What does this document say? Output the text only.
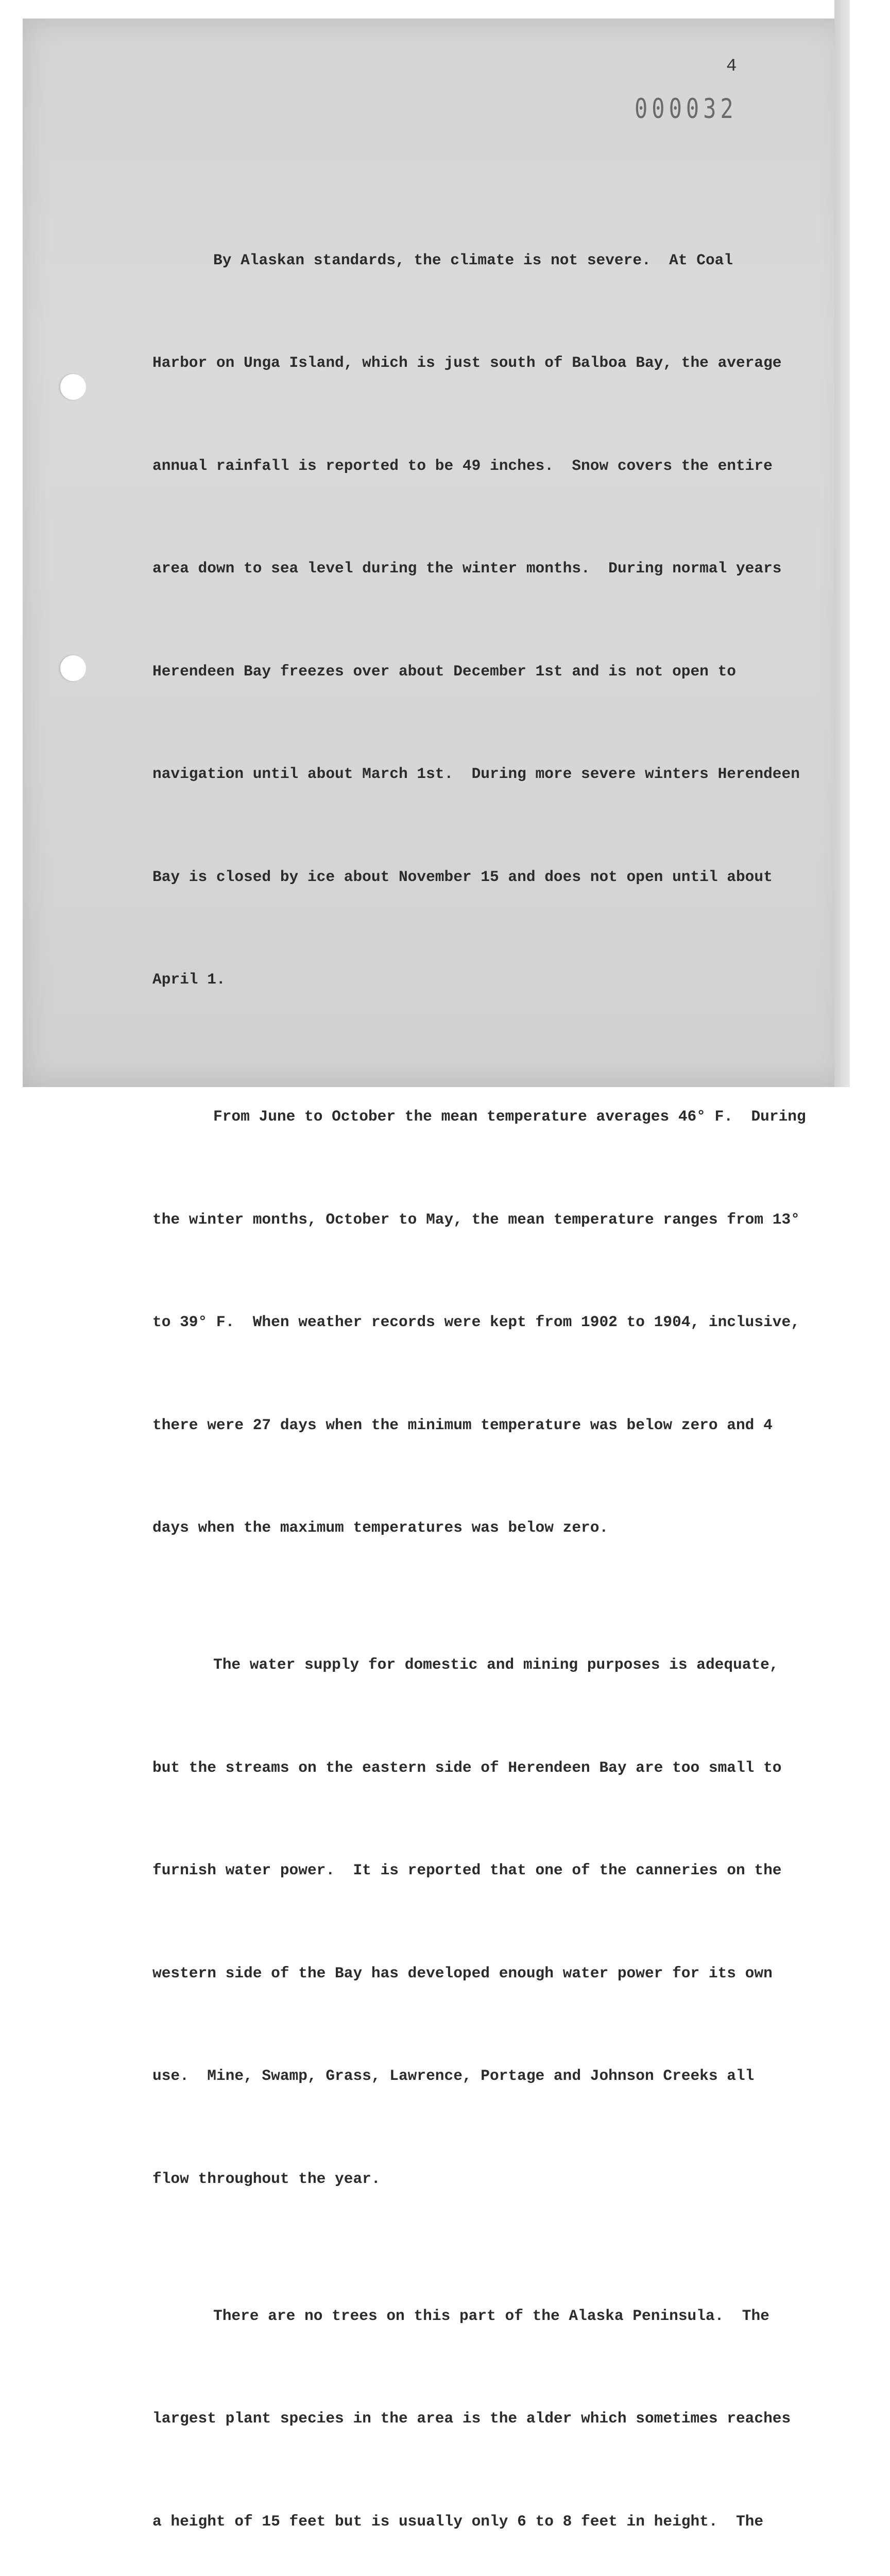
4
000032

By Alaskan standards, the climate is not severe.  At Coal

Harbor on Unga Island, which is just south of Balboa Bay, the average

annual rainfall is reported to be 49 inches.  Snow covers the entire

area down to sea level during the winter months.  During normal years

Herendeen Bay freezes over about December 1st and is not open to

navigation until about March 1st.  During more severe winters Herendeen

Bay is closed by ice about November 15 and does not open until about

April 1.

From June to October the mean temperature averages 46° F.  During

the winter months, October to May, the mean temperature ranges from 13°

to 39° F.  When weather records were kept from 1902 to 1904, inclusive,

there were 27 days when the minimum temperature was below zero and 4

days when the maximum temperatures was below zero.

The water supply for domestic and mining purposes is adequate,

but the streams on the eastern side of Herendeen Bay are too small to

furnish water power.  It is reported that one of the canneries on the

western side of the Bay has developed enough water power for its own

use.  Mine, Swamp, Grass, Lawrence, Portage and Johnson Creeks all

flow throughout the year.

There are no trees on this part of the Alaska Peninsula.  The

largest plant species in the area is the alder which sometimes reaches

a height of 15 feet but is usually only 6 to 8 feet in height.  The
